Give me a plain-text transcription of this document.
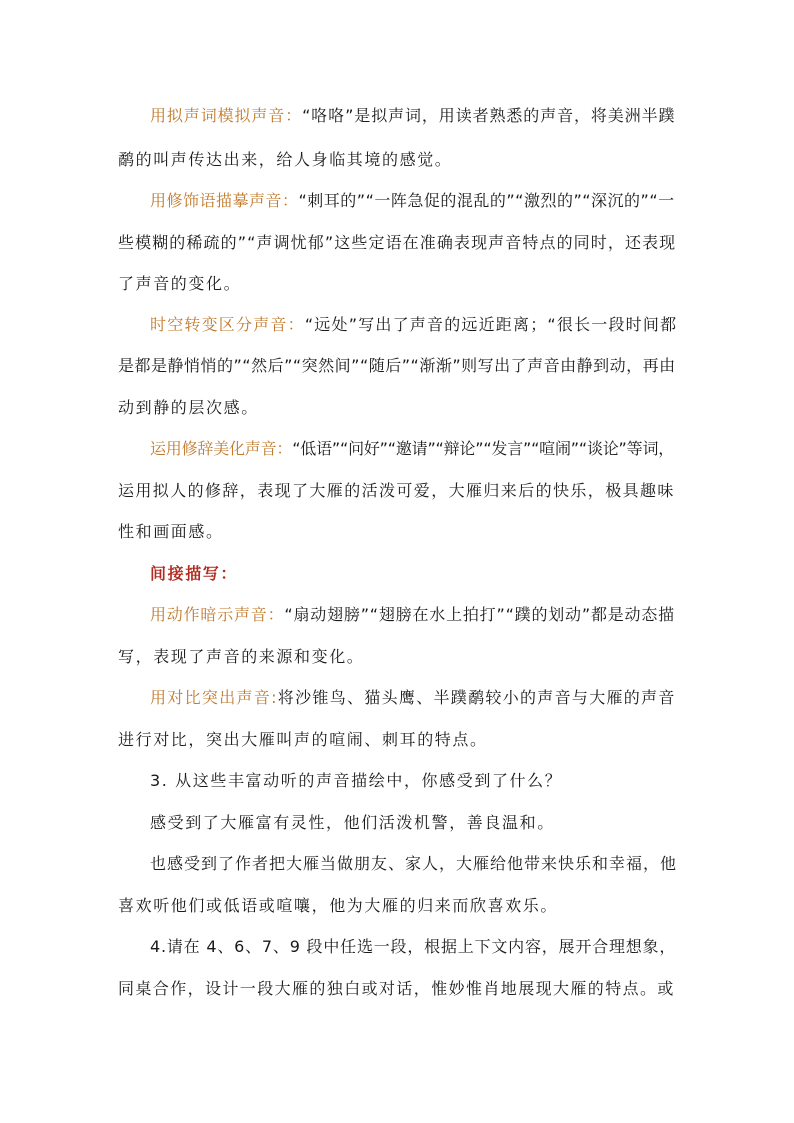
用拟声词模拟声音：“咯咯”是拟声词，用读者熟悉的声音，将美洲半蹼
鹬的叫声传达出来，给人身临其境的感觉。
用修饰语描摹声音：“刺耳的”“一阵急促的混乱的”“激烈的”“深沉的”“一
些模糊的稀疏的”“声调忧郁”这些定语在准确表现声音特点的同时，还表现
了声音的变化。
时空转变区分声音：“远处”写出了声音的远近距离；“很长一段时间都
是都是静悄悄的”“然后”“突然间”“随后”“渐渐”则写出了声音由静到动，再由
动到静的层次感。
运用修辞美化声音：“低语”“问好”“邀请”“辩论”“发言”“喧闹”“谈论”等词，
运用拟人的修辞，表现了大雁的活泼可爱，大雁归来后的快乐，极具趣味
性和画面感。
间接描写：
用动作暗示声音：“扇动翅膀”“翅膀在水上拍打”“蹼的划动”都是动态描
写，表现了声音的来源和变化。
用对比突出声音:将沙锥鸟、猫头鹰、半蹼鹬较小的声音与大雁的声音
进行对比，突出大雁叫声的喧闹、刺耳的特点。
3. 从这些丰富动听的声音描绘中，你感受到了什么？
感受到了大雁富有灵性，他们活泼机警，善良温和。
也感受到了作者把大雁当做朋友、家人，大雁给他带来快乐和幸福，他
喜欢听他们或低语或喧嚷，他为大雁的归来而欣喜欢乐。
4.请在 4、6、7、9 段中任选一段，根据上下文内容，展开合理想象，
同桌合作，设计一段大雁的独白或对话，惟妙惟肖地展现大雁的特点。或
